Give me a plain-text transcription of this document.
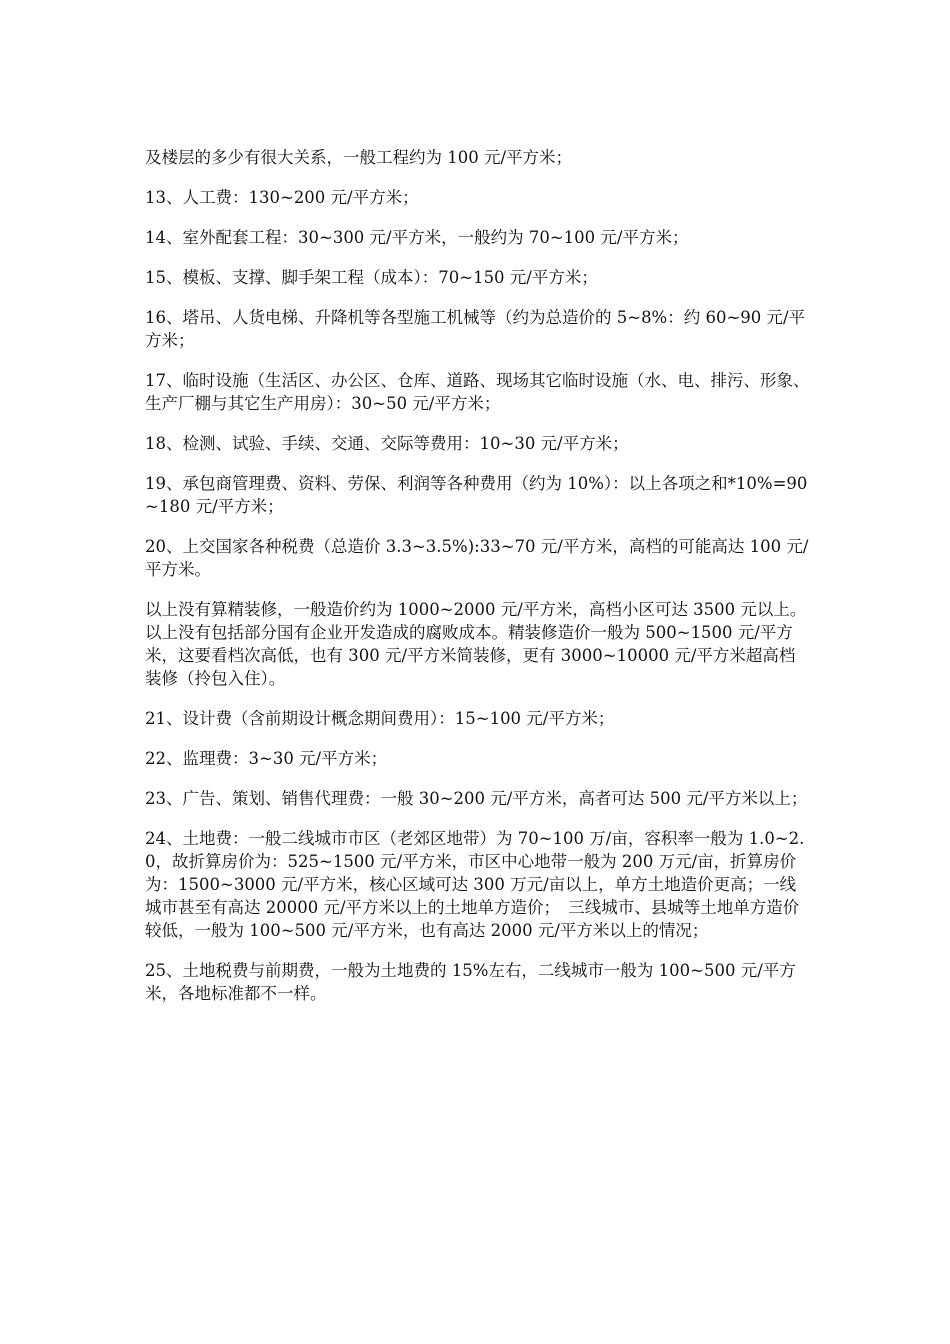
及楼层的多少有很大关系，一般工程约为 100 元/平方米；

13、人工费：130~200 元/平方米；

14、室外配套工程：30~300 元/平方米，一般约为 70~100 元/平方米；

15、模板、支撑、脚手架工程（成本）：70~150 元/平方米；

16、塔吊、人货电梯、升降机等各型施工机械等（约为总造价的 5~8%：约 60~90 元/平方米；

17、临时设施（生活区、办公区、仓库、道路、现场其它临时设施（水、电、排污、形象、生产厂棚与其它生产用房）：30~50 元/平方米；

18、检测、试验、手续、交通、交际等费用：10~30 元/平方米；

19、承包商管理费、资料、劳保、利润等各种费用（约为 10%）：以上各项之和*10%=90~180 元/平方米；

20、上交国家各种税费（总造价 3.3~3.5%):33~70 元/平方米，高档的可能高达 100 元/平方米。

以上没有算精装修，一般造价约为 1000~2000 元/平方米，高档小区可达 3500 元以上。以上没有包括部分国有企业开发造成的腐败成本。精装修造价一般为 500~1500 元/平方米，这要看档次高低，也有 300 元/平方米简装修，更有 3000~10000 元/平方米超高档装修（拎包入住）。

21、设计费（含前期设计概念期间费用）：15~100 元/平方米；

22、监理费：3~30 元/平方米；

23、广告、策划、销售代理费：一般 30~200 元/平方米，高者可达 500 元/平方米以上；

24、土地费：一般二线城市市区（老郊区地带）为 70~100 万/亩，容积率一般为 1.0~2.0，故折算房价为：525~1500 元/平方米，市区中心地带一般为 200 万元/亩，折算房价为：1500~3000 元/平方米，核心区域可达 300 万元/亩以上，单方土地造价更高；一线城市甚至有高达 20000 元/平方米以上的土地单方造价；　三线城市、县城等土地单方造价较低，一般为 100~500 元/平方米，也有高达 2000 元/平方米以上的情况；

25、土地税费与前期费，一般为土地费的 15%左右，二线城市一般为 100~500 元/平方米，各地标准都不一样。
